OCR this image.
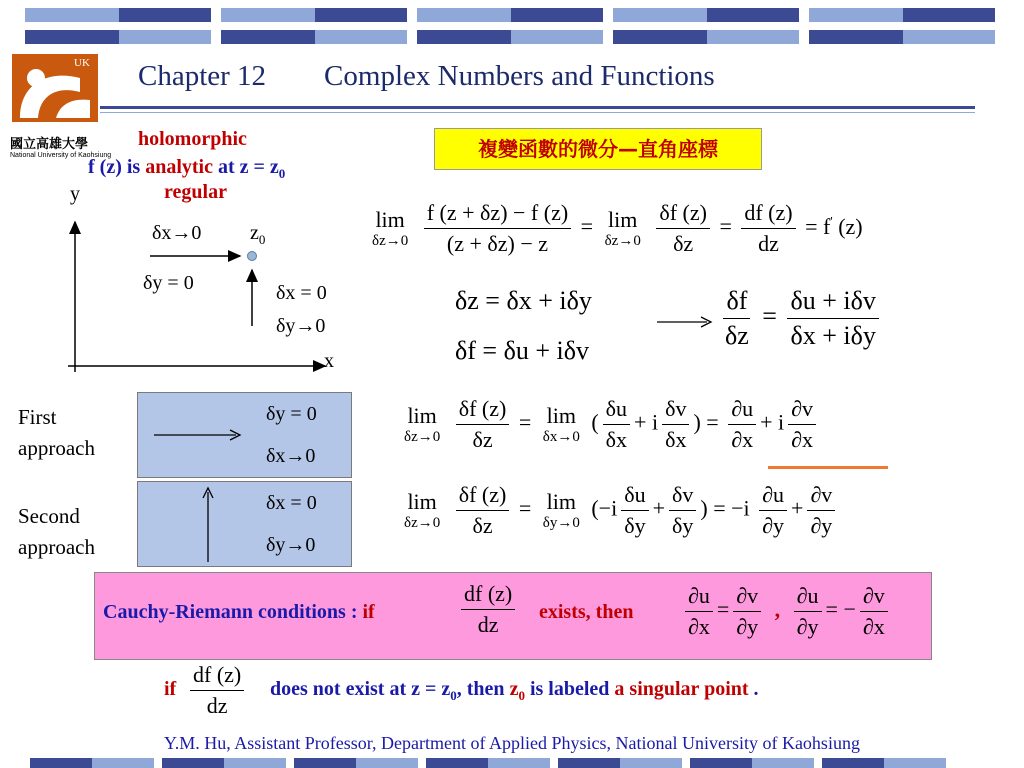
UK
國立高雄大學
National University of Kaohsiung
Chapter 12        Complex Numbers and Functions
holomorphic
f (z) is analytic at $z = z_0$
regular
y
x
δx→0 $z_0$
δy = 0	δx = 0
δy→0
複變函數的微分—直角座標
lim
δz→0
$\frac{f (z + \delta z) - f (z)}{(z + \delta z) - z} = \lim$
δz→0
$\frac{\delta f (z)}{\delta z} = \frac{df (z)}{dz} = f'$ (z)
δz = δx + iδy
δf = δu + iδv	$\frac{\delta f}{\delta z} = \frac{\text{δu + iδv}}{\text{δx + iδy}}$
First
approach
δy = 0
δx→0
Second
approach
δx = 0
δy→0
lim
δz→0
$\frac{\delta f (z)}{\delta z} = \lim$
δx→0
( $\frac{\delta u}{\delta x} + i \frac{\delta v}{\delta x}$ ) = $\frac{\partial u}{\partial x} + i \frac{\partial v}{\partial x}$
lim
δz→0
$\frac{\delta f (z)}{\delta z} = \lim$
δy→0
($-i \frac{\delta u}{\delta y} + \frac{\delta v}{\delta y}$ ) = $-i \frac{\partial u}{\partial y} + \frac{\partial v}{\partial y}$
Cauchy-Riemann conditions : if	$\frac{df (z)}{dz}$ exists, then $\frac{\partial u}{\partial x} = \frac{\partial v}{\partial y}$ , $\frac{\partial u}{\partial y}$ = − $\frac{\partial v}{\partial x}$
if $\frac{df (z)}{dz}$ does not exist at $z = z_0$, then $z_0$ is labeled a singular point .
Y.M. Hu, Assistant Professor, Department of Applied Physics, National University of Kaohsiung
